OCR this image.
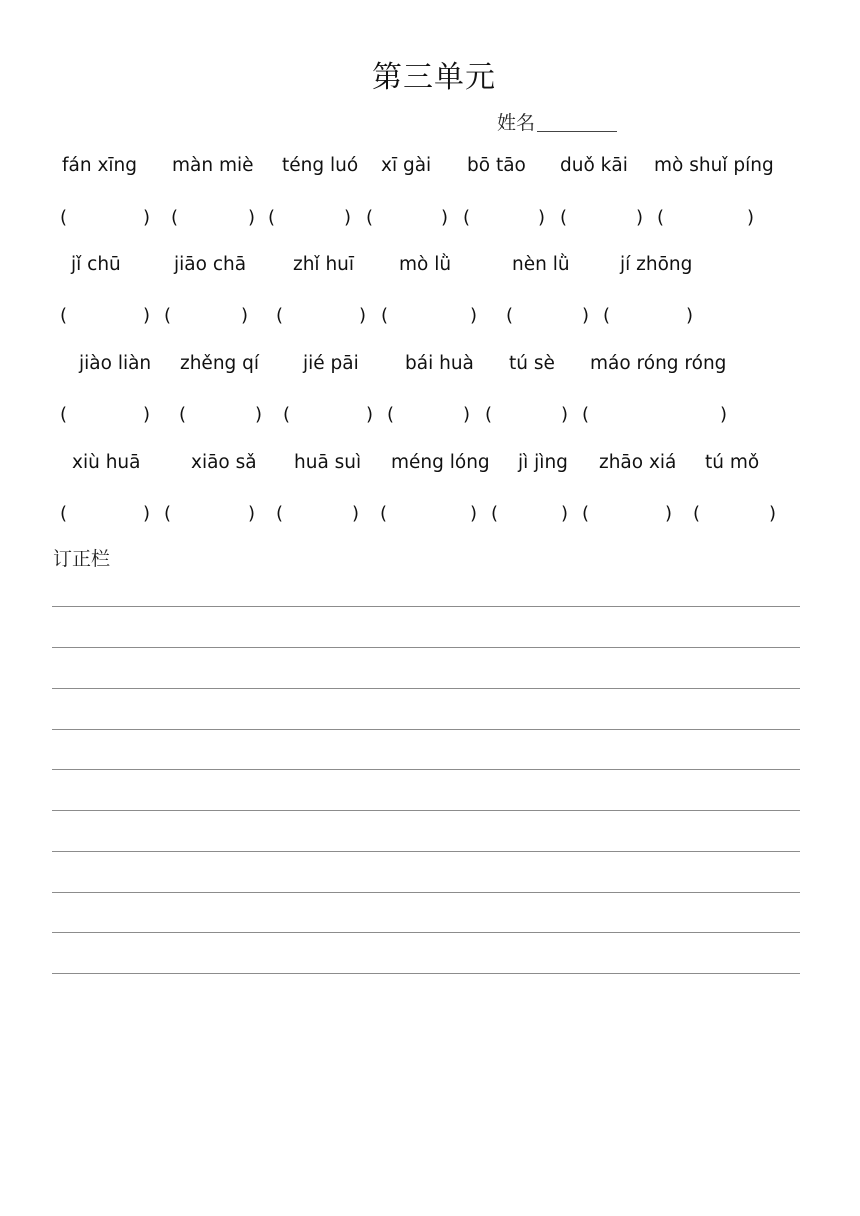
第三单元
姓名
fán xīng màn miè téng luó xī gài bō tāo duǒ kāi mò shuǐ píng
(	) (	) (	) (	) (	) (	) (	)
jǐ chū	jiāo chā	zhǐ huī mò lǜ	nèn lǜ	jí zhōng
(	) (	) (	) (	) (	) (	)
jiào liàn zhěng qí jié pāi bái huà tú sè máo róng róng
(	) (	) (	) (	) (	) (	)
xiù huā	xiāo sǎ huā suì méng lóng jì jìng zhāo xiá tú mǒ
(	) (	) (	) (	) (	) (	) (	)
订正栏
